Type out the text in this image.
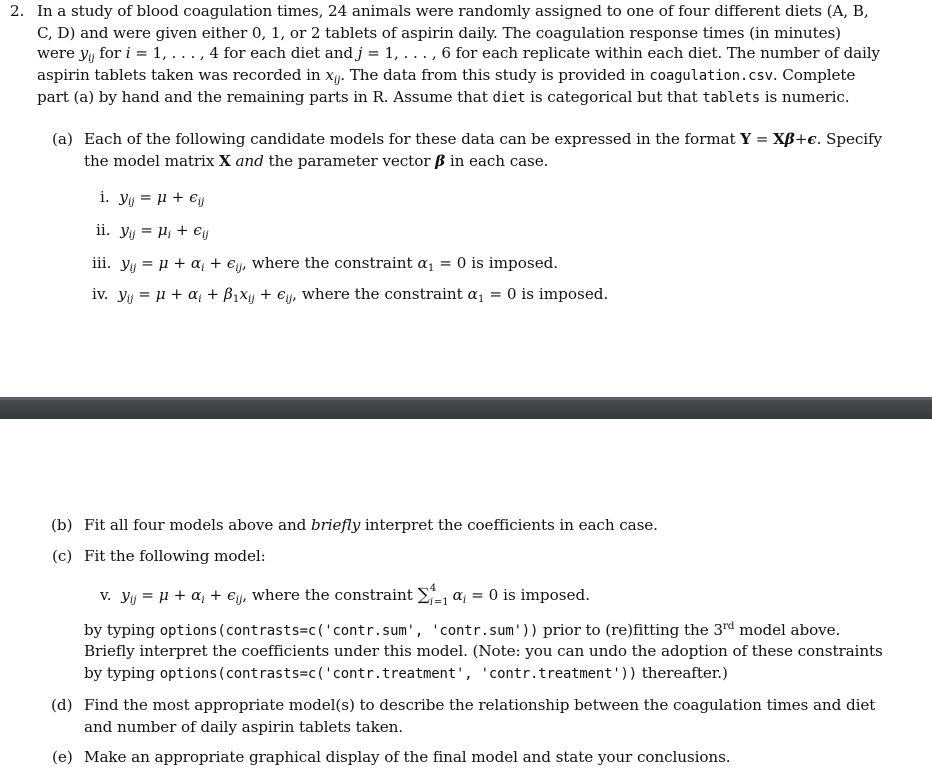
2. In a study of blood coagulation times, 24 animals were randomly assigned to one of four different diets (A, B,
C, D) and were given either 0, 1, or 2 tablets of aspirin daily. The coagulation response times (in minutes)
were $y_{ij}$ for i = 1, . . . , 4 for each diet and j = 1, . . . , 6 for each replicate within each diet. The number of daily
aspirin tablets taken was recorded in $x_{ij}$. The data from this study is provided in coagulation.csv. Complete
part (a) by hand and the remaining parts in R. Assume that diet is categorical but that tablets is numeric.
(a) Each of the following candidate models for these data can be expressed in the format Y = Xβ+ϵ. Specify
the model matrix X and the parameter vector β in each case.
i.  $y_{ij} = \mu + \epsilon_{ij}$
ii.  $y_{ij} = \mu_i + \epsilon_{ij}$
iii.  $y_{ij} = \mu + \alpha_i + \epsilon_{ij}$, where the constraint $\alpha_1 = 0$ is imposed.
iv.  $y_{ij} = \mu + \alpha_i + \beta_1x_{ij} + \epsilon_{ij}$, where the constraint $\alpha_1 = 0$ is imposed.
(b) Fit all four models above and briefly interpret the coefficients in each case.
(c) Fit the following model:
v.  $y_{ij} = \mu + \alpha_i + \epsilon_{ij}$, where the constraint ∑ 4
i =1 $\alpha_i = 0$ is imposed.
by typing options(contrasts=c('contr.sum', 'contr.sum')) prior to (re)fitting the 3rd model above.
Briefly interpret the coefficients under this model. (Note: you can undo the adoption of these constraints
by typing options(contrasts=c('contr.treatment', 'contr.treatment')) thereafter.)
(d) Find the most appropriate model(s) to describe the relationship between the coagulation times and diet
and number of daily aspirin tablets taken.
(e) Make an appropriate graphical display of the final model and state your conclusions.
